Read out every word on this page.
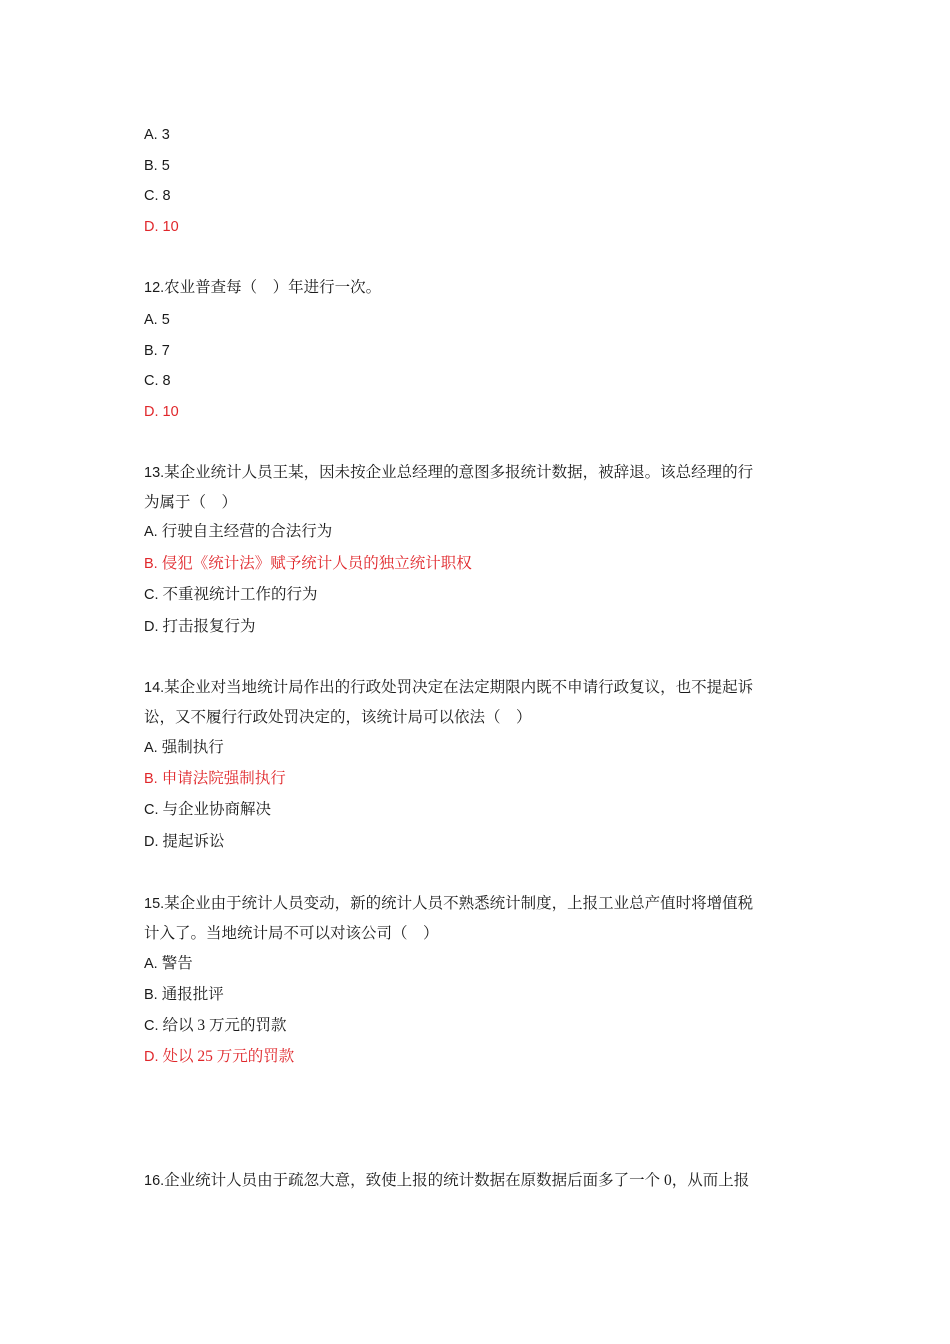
A. 3
B. 5
C. 8
D. 10
12.农业普查每（　）年进行一次。
A. 5
B. 7
C. 8
D. 10
13.某企业统计人员王某，因未按企业总经理的意图多报统计数据，被辞退。该总经理的行
为属于（　）
A. 行驶自主经营的合法行为
B. 侵犯《统计法》赋予统计人员的独立统计职权
C. 不重视统计工作的行为
D. 打击报复行为
14.某企业对当地统计局作出的行政处罚决定在法定期限内既不申请行政复议，也不提起诉
讼，又不履行行政处罚决定的，该统计局可以依法（　）
A. 强制执行
B. 申请法院强制执行
C. 与企业协商解决
D. 提起诉讼
15.某企业由于统计人员变动，新的统计人员不熟悉统计制度，上报工业总产值时将增值税
计入了。当地统计局不可以对该公司（　）
A. 警告
B. 通报批评
C. 给以 3 万元的罚款
D. 处以 25 万元的罚款
16.企业统计人员由于疏忽大意，致使上报的统计数据在原数据后面多了一个 0，从而上报
